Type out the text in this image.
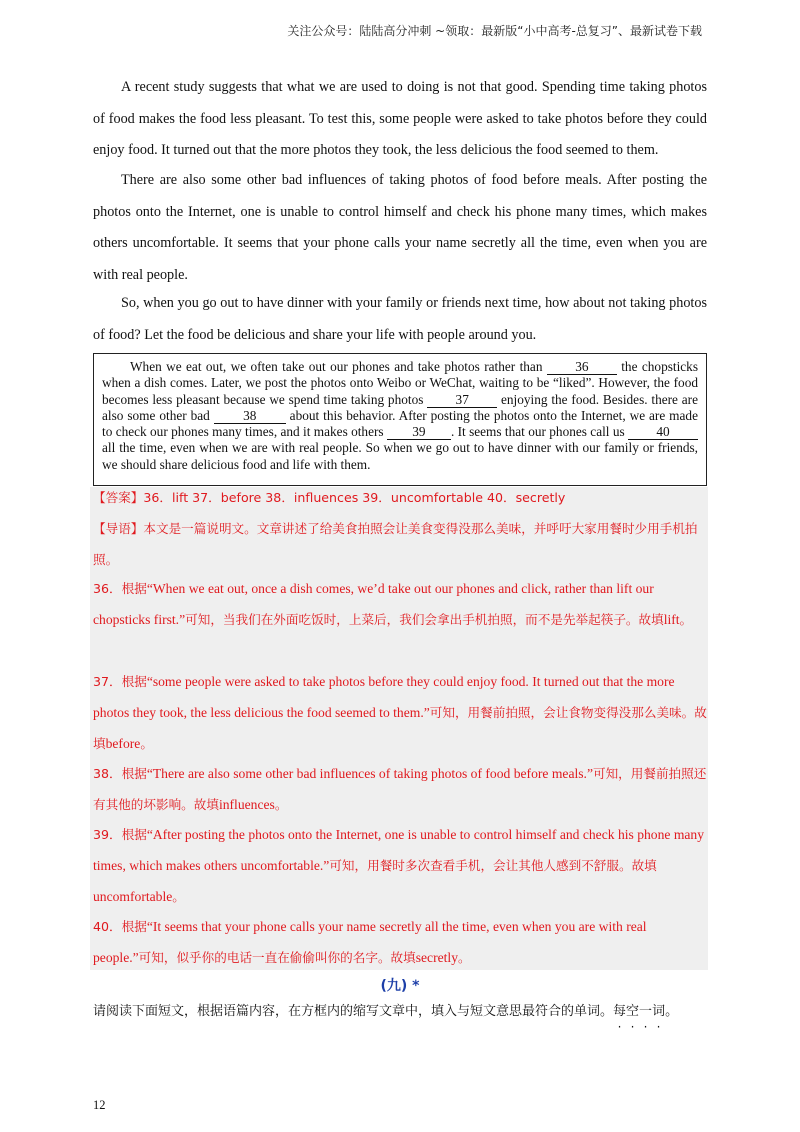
关注公众号：陆陆高分冲刺 ~领取：最新版“小中高考-总复习”、最新试卷下载

A recent study suggests that what we are used to doing is not that good. Spending time taking photos of food makes the food less pleasant. To test this, some people were asked to take photos before they could enjoy food. It turned out that the more photos they took, the less delicious the food seemed to them.

There are also some other bad influences of taking photos of food before meals. After posting the photos onto the Internet, one is unable to control himself and check his phone many times, which makes others uncomfortable. It seems that your phone calls your name secretly all the time, even when you are with real people.

So, when you go out to have dinner with your family or friends next time, how about not taking photos of food? Let the food be delicious and share your life with people around you.

When we eat out, we often take out our phones and take photos rather than 36 the chopsticks when a dish comes. Later, we post the photos onto Weibo or WeChat, waiting to be “liked”. However, the food becomes less pleasant because we spend time taking photos 37 enjoying the food. Besides. there are also some other bad 38 about this behavior. After posting the photos onto the Internet, we are made to check our phones many times, and it makes others 39 . It seems that our phones call us 40 all the time, even when we are with real people. So when we go out to have dinner with our family or friends, we should share delicious food and life with them.

【答案】36．lift 37．before 38．influences 39．uncomfortable 40．secretly

【导语】本文是一篇说明文。文章讲述了给美食拍照会让美食变得没那么美味，并呼吁大家用餐时少用手机拍照。

36．根据“When we eat out, once a dish comes, we’d take out our phones and click, rather than lift our chopsticks first.”可知，当我们在外面吃饭时，上菜后，我们会拿出手机拍照，而不是先举起筷子。故填lift。

37．根据“some people were asked to take photos before they could enjoy food. It turned out that the more photos they took, the less delicious the food seemed to them.”可知，用餐前拍照，会让食物变得没那么美味。故填before。

38．根据“There are also some other bad influences of taking photos of food before meals.”可知，用餐前拍照还有其他的坏影响。故填influences。

39．根据“After posting the photos onto the Internet, one is unable to control himself and check his phone many times, which makes others uncomfortable.”可知，用餐时多次查看手机，会让其他人感到不舒服。故填uncomfortable。

40．根据“It seems that your phone calls your name secretly all the time, even when you are with real people.”可知，似乎你的电话一直在偷偷叫你的名字。故填secretly。

(九) *
请阅读下面短文，根据语篇内容，在方框内的缩写文章中，填入与短文意思最符合的单词。每空一词。
12
